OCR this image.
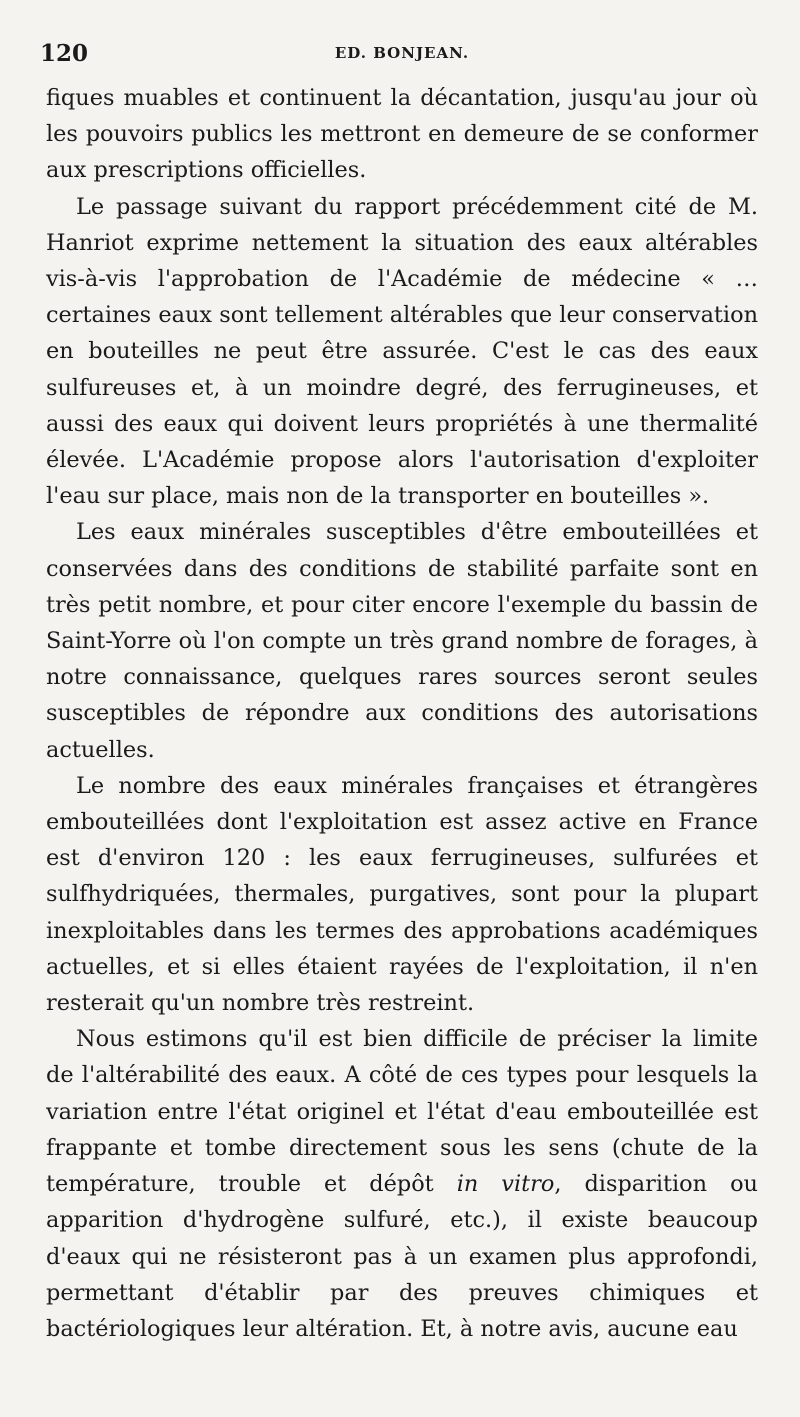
120	ED. BONJEAN.

fiques muables et continuent la décantation, jusqu'au jour où les pouvoirs publics les mettront en demeure de se conformer aux prescriptions officielles.

Le passage suivant du rapport précédemment cité de M. Hanriot exprime nettement la situation des eaux altérables vis-à-vis l'approbation de l'Académie de médecine « … certaines eaux sont tellement altérables que leur conservation en bouteilles ne peut être assurée. C'est le cas des eaux sulfureuses et, à un moindre degré, des ferrugineuses, et aussi des eaux qui doivent leurs propriétés à une thermalité élevée. L'Académie propose alors l'autorisation d'exploiter l'eau sur place, mais non de la transporter en bouteilles ».

Les eaux minérales susceptibles d'être embouteillées et conservées dans des conditions de stabilité parfaite sont en très petit nombre, et pour citer encore l'exemple du bassin de Saint-Yorre où l'on compte un très grand nombre de forages, à notre connaissance, quelques rares sources seront seules susceptibles de répondre aux conditions des autorisations actuelles.

Le nombre des eaux minérales françaises et étrangères embouteillées dont l'exploitation est assez active en France est d'environ 120 : les eaux ferrugineuses, sulfurées et sulfhydriquées, thermales, purgatives, sont pour la plupart inexploitables dans les termes des approbations académiques actuelles, et si elles étaient rayées de l'exploitation, il n'en resterait qu'un nombre très restreint.

Nous estimons qu'il est bien difficile de préciser la limite de l'altérabilité des eaux. A côté de ces types pour lesquels la variation entre l'état originel et l'état d'eau embouteillée est frappante et tombe directement sous les sens (chute de la température, trouble et dépôt in vitro, disparition ou apparition d'hydrogène sulfuré, etc.), il existe beaucoup d'eaux qui ne résisteront pas à un examen plus approfondi, permettant d'établir par des preuves chimiques et bactériologiques leur altération. Et, à notre avis, aucune eau
